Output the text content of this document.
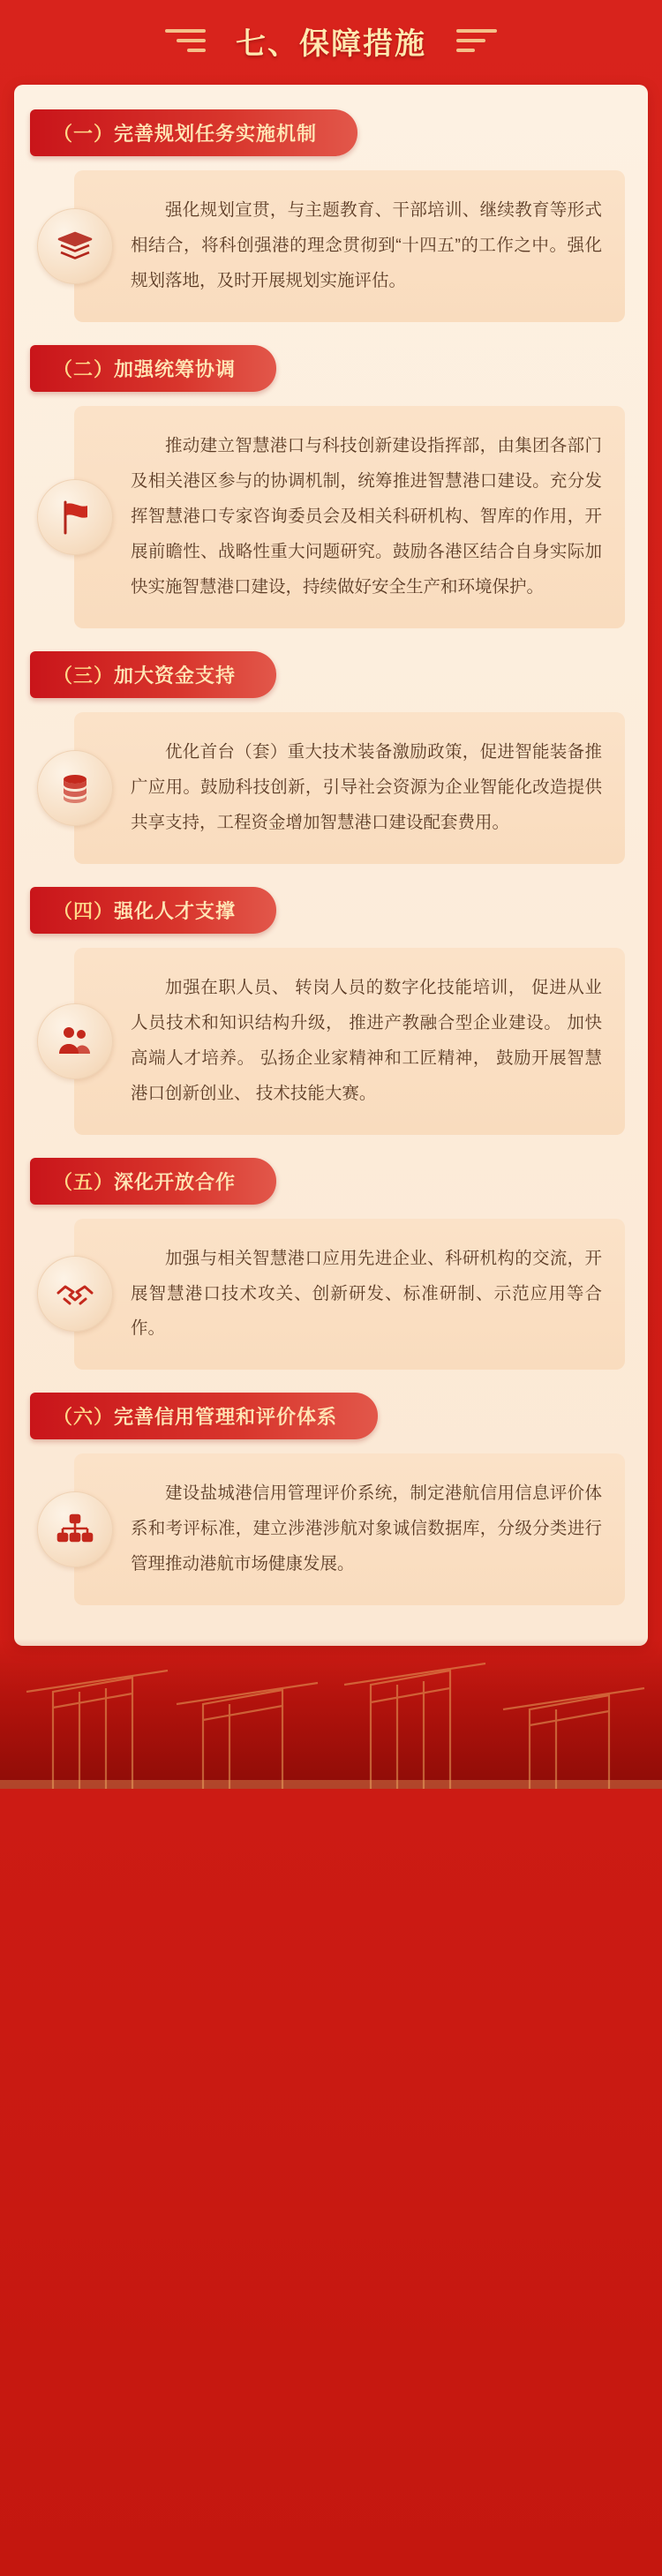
七、保障措施
（一）完善规划任务实施机制

强化规划宣贯，与主题教育、干部培训、继续教育等形式相结合，将科创强港的理念贯彻到“十四五”的工作之中。强化规划落地，及时开展规划实施评估。

（二）加强统筹协调

推动建立智慧港口与科技创新建设指挥部，由集团各部门及相关港区参与的协调机制，统筹推进智慧港口建设。充分发挥智慧港口专家咨询委员会及相关科研机构、智库的作用，开展前瞻性、战略性重大问题研究。鼓励各港区结合自身实际加快实施智慧港口建设，持续做好安全生产和环境保护。

（三）加大资金支持

优化首台（套）重大技术装备激励政策，促进智能装备推广应用。鼓励科技创新，引导社会资源为企业智能化改造提供共享支持，工程资金增加智慧港口建设配套费用。

（四）强化人才支撑

加强在职人员、 转岗人员的数字化技能培训， 促进从业人员技术和知识结构升级， 推进产教融合型企业建设。 加快高端人才培养。 弘扬企业家精神和工匠精神， 鼓励开展智慧港口创新创业、 技术技能大赛。

（五）深化开放合作

加强与相关智慧港口应用先进企业、科研机构的交流，开展智慧港口技术攻关、创新研发、标准研制、示范应用等合作。

（六）完善信用管理和评价体系

建设盐城港信用管理评价系统，制定港航信用信息评价体系和考评标准，建立涉港涉航对象诚信数据库，分级分类进行管理推动港航市场健康发展。
